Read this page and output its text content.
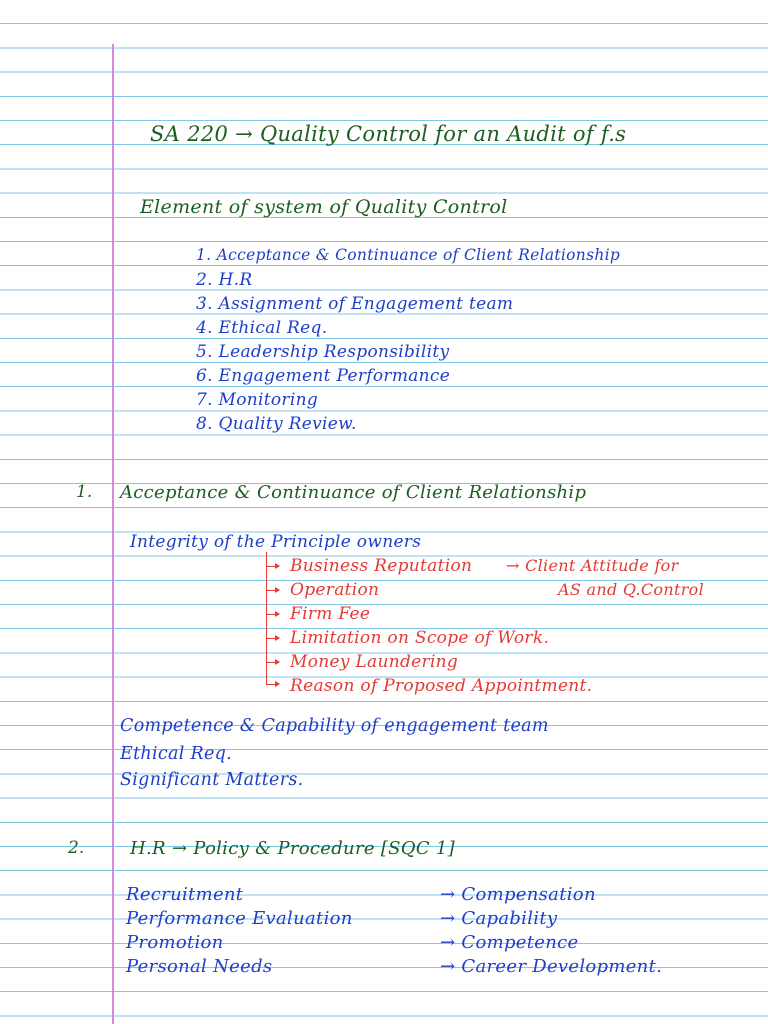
SA 220 → Quality Control for an Audit of f.s
Element of system of Quality Control
1. Acceptance & Continuance of Client Relationship
2. H.R
3. Assignment of Engagement team
4. Ethical Req.
5. Leadership Responsibility
6. Engagement Performance
7. Monitoring
8. Quality Review.
1. Acceptance & Continuance of Client Relationship
Integrity of the Principle owners
Business Reputation
Operation
Firm Fee
Limitation on Scope of Work.
Money Laundering
Reason of Proposed Appointment.
→ Client Attitude for
AS and Q.Control
Competence & Capability of engagement team
Ethical Req.
Significant Matters.
2.	H.R → Policy & Procedure [SQC 1]
Recruitment
Performance Evaluation
Promotion
Personal Needs
→ Compensation
→ Capability
→ Competence
→ Career Development.
